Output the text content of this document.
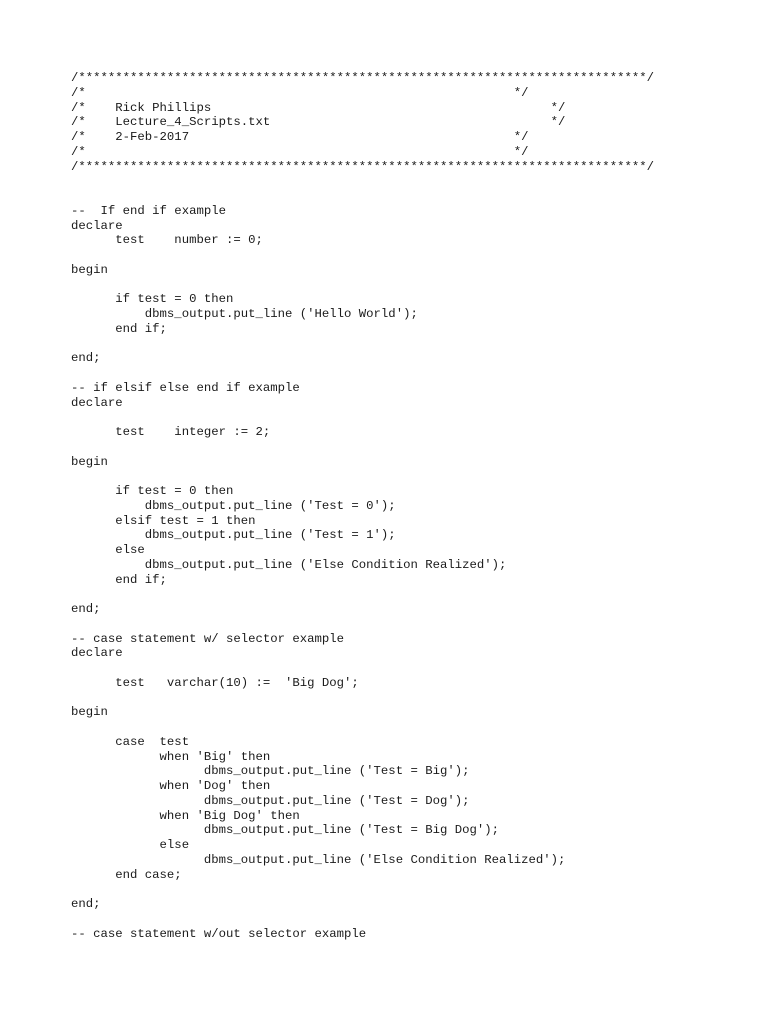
/*****************************************************************************/
/*                                                          */
/*    Rick Phillips                                              */
/*    Lecture_4_Scripts.txt                                      */
/*    2-Feb-2017                                            */
/*                                                          */
/*****************************************************************************/
--  If end if example
declare
test    number := 0;
begin
if test = 0 then
dbms_output.put_line ('Hello World');
end if;
end;
-- if elsif else end if example
declare
test    integer := 2;
begin
if test = 0 then
dbms_output.put_line ('Test = 0');
elsif test = 1 then
dbms_output.put_line ('Test = 1');
else
dbms_output.put_line ('Else Condition Realized');
end if;
end;
-- case statement w/ selector example
declare
test   varchar(10) :=  'Big Dog';
begin
case  test
when 'Big' then
dbms_output.put_line ('Test = Big');
when 'Dog' then
dbms_output.put_line ('Test = Dog');
when 'Big Dog' then
dbms_output.put_line ('Test = Big Dog');
else
dbms_output.put_line ('Else Condition Realized');
end case;
end;
-- case statement w/out selector example
